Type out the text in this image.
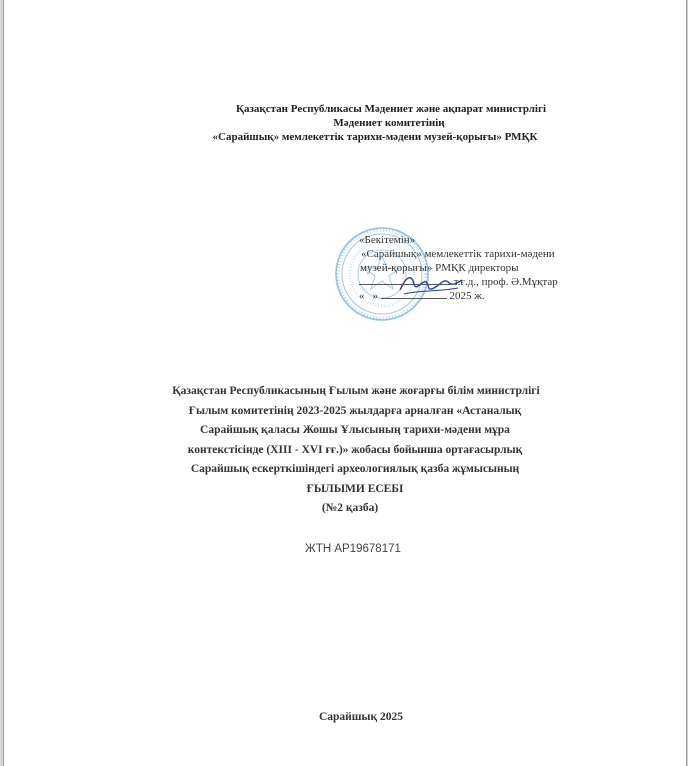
Қазақстан Республикасы Мәдениет және ақпарат министрлігі
Мәдениет комитетінің
«Сарайшық» мемлекеттік тарихи-мәдени музей-қорығы» РМҚК
«Бекітемін»
«Сарайшық» мемлекеттік тарихи-мәдени
музей-қорығы» РМҚК директоры
т.ғ.д., проф. Ә.Мұқтар
« »	2025 ж.
Қазақстан Республикасының Ғылым және жоғарғы білім министрлігі
Ғылым комитетінің 2023-2025 жылдарға арналған «Астаналық
Сарайшық қаласы Жошы Ұлысының тарихи-мәдени мұра
контекстісінде (XIII - XVI ғғ.)» жобасы бойынша ортағасырлық
Сарайшық ескерткішіндегі археологиялық қазба жұмысының
ҒЫЛЫМИ ЕСЕБІ
(№2 қазба)
ЖТН AP19678171
Сарайшық 2025
